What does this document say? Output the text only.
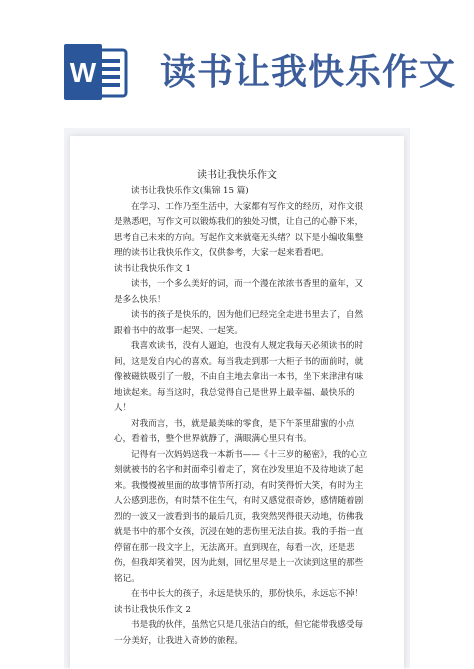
W 读书让我快乐作文
读书让我快乐作文

读书让我快乐作文(集锦 15 篇)

在学习、工作乃至生活中，大家都有写作文的经历，对作文很是熟悉吧，写作文可以锻炼我们的独处习惯，让自己的心静下来，思考自己未来的方向。写起作文来就毫无头绪？以下是小编收集整理的读书让我快乐作文，仅供参考，大家一起来看看吧。

读书让我快乐作文 1

读书，一个多么美好的词，而一个漫在浓浓书香里的童年，又是多么快乐！

读书的孩子是快乐的，因为他们已经完全走进书里去了，自然跟着书中的故事一起哭、一起笑。

我喜欢读书，没有人逼迫，也没有人规定我每天必须读书的时间，这是发自内心的喜欢。每当我走到那一大柜子书的面前时，就像被磁铁吸引了一般，不由自主地去拿出一本书，坐下来津津有味地读起来。每当这时，我总觉得自己是世界上最幸福、最快乐的人！

对我而言，书，就是最美味的零食，是下午茶里甜蜜的小点心，看着书，整个世界就静了，满眼满心里只有书。

记得有一次妈妈送我一本新书——《十三岁的秘密》，我的心立刻就被书的名字和封面牵引着走了，窝在沙发里迫不及待地读了起来。我慢慢被里面的故事情节所打动，有时笑得忻大笑，有时为主人公感到悲伤，有时禁不住生气，有时又感觉很奇妙，感情随着剧烈的一波又一波看到书的最后几页，我突然哭得很天动地，仿佛我就是书中的那个女孩，沉浸在她的悲伤里无法自拔。我的手指一直停留在那一段文字上，无法离开。直到现在，每看一次，还是悲伤，但我却笑着哭，因为此刻，回忆里尽是上一次读到这里的那些铭记。

在书中长大的孩子，永远是快乐的，那份快乐，永远忘不掉！

读书让我快乐作文 2

书是我的伙伴，虽然它只是几张洁白的纸，但它能带我感受每一分美好，让我进入奇妙的旅程。
